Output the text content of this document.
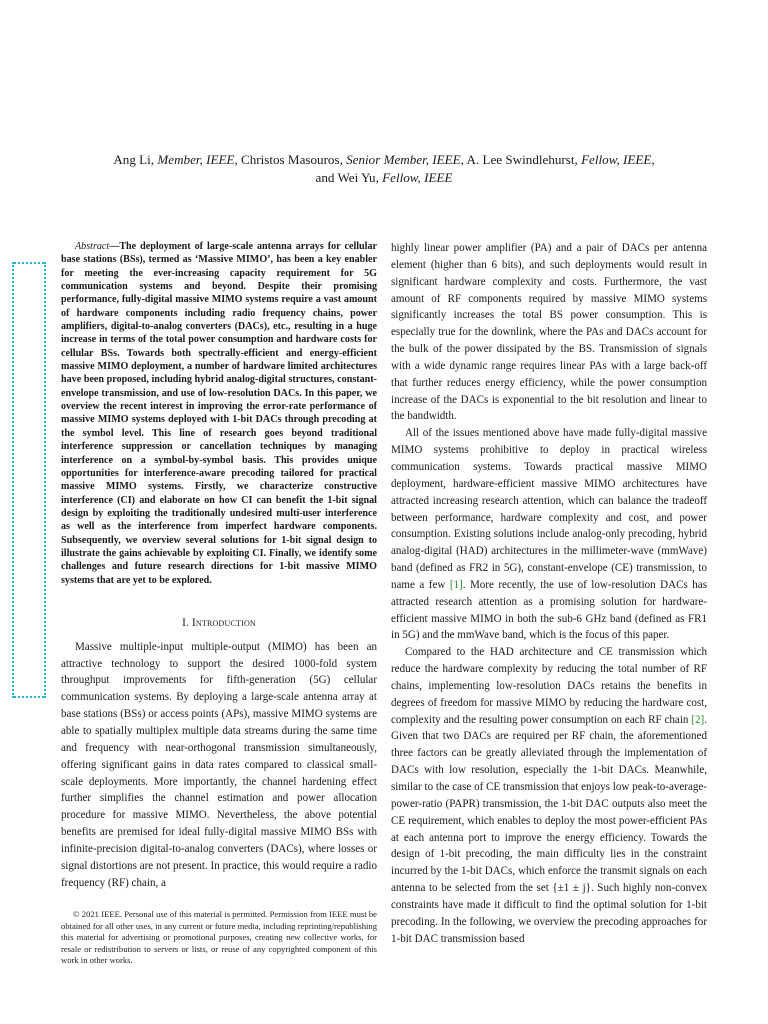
Ang Li, Member, IEEE, Christos Masouros, Senior Member, IEEE, A. Lee Swindlehurst, Fellow, IEEE,
and Wei Yu, Fellow, IEEE

Abstract—The deployment of large-scale antenna arrays for cellular base stations (BSs), termed as ‘Massive MIMO’, has been a key enabler for meeting the ever-increasing capacity requirement for 5G communication systems and beyond. Despite their promising performance, fully-digital massive MIMO systems require a vast amount of hardware components including radio frequency chains, power amplifiers, digital-to-analog converters (DACs), etc., resulting in a huge increase in terms of the total power consumption and hardware costs for cellular BSs. Towards both spectrally-efficient and energy-efficient massive MIMO deployment, a number of hardware limited architectures have been proposed, including hybrid analog-digital structures, constant-envelope transmission, and use of low-resolution DACs. In this paper, we overview the recent interest in improving the error-rate performance of massive MIMO systems deployed with 1-bit DACs through precoding at the symbol level. This line of research goes beyond traditional interference suppression or cancellation techniques by managing interference on a symbol-by-symbol basis. This provides unique opportunities for interference-aware precoding tailored for practical massive MIMO systems. Firstly, we characterize constructive interference (CI) and elaborate on how CI can benefit the 1-bit signal design by exploiting the traditionally undesired multi-user interference as well as the interference from imperfect hardware components. Subsequently, we overview several solutions for 1-bit signal design to illustrate the gains achievable by exploiting CI. Finally, we identify some challenges and future research directions for 1-bit massive MIMO systems that are yet to be explored.

I. Introduction

Massive multiple-input multiple-output (MIMO) has been an attractive technology to support the desired 1000-fold system throughput improvements for fifth-generation (5G) cellular communication systems. By deploying a large-scale antenna array at base stations (BSs) or access points (APs), massive MIMO systems are able to spatially multiplex multiple data streams during the same time and frequency with near-orthogonal transmission simultaneously, offering significant gains in data rates compared to classical small-scale deployments. More importantly, the channel hardening effect further simplifies the channel estimation and power allocation procedure for massive MIMO. Nevertheless, the above potential benefits are premised for ideal fully-digital massive MIMO BSs with infinite-precision digital-to-analog converters (DACs), where losses or signal distortions are not present. In practice, this would require a radio frequency (RF) chain, a

© 2021 IEEE. Personal use of this material is permitted. Permission from IEEE must be obtained for all other uses, in any current or future media, including reprinting/republishing this material for advertising or promotional purposes, creating new collective works, for resale or redistribution to servers or lists, or reuse of any copyrighted component of this work in other works.

highly linear power amplifier (PA) and a pair of DACs per antenna element (higher than 6 bits), and such deployments would result in significant hardware complexity and costs. Furthermore, the vast amount of RF components required by massive MIMO systems significantly increases the total BS power consumption. This is especially true for the downlink, where the PAs and DACs account for the bulk of the power dissipated by the BS. Transmission of signals with a wide dynamic range requires linear PAs with a large back-off that further reduces energy efficiency, while the power consumption increase of the DACs is exponential to the bit resolution and linear to the bandwidth.

All of the issues mentioned above have made fully-digital massive MIMO systems prohibitive to deploy in practical wireless communication systems. Towards practical massive MIMO deployment, hardware-efficient massive MIMO architectures have attracted increasing research attention, which can balance the tradeoff between performance, hardware complexity and cost, and power consumption. Existing solutions include analog-only precoding, hybrid analog-digital (HAD) architectures in the millimeter-wave (mmWave) band (defined as FR2 in 5G), constant-envelope (CE) transmission, to name a few [1]. More recently, the use of low-resolution DACs has attracted research attention as a promising solution for hardware-efficient massive MIMO in both the sub-6 GHz band (defined as FR1 in 5G) and the mmWave band, which is the focus of this paper.

Compared to the HAD architecture and CE transmission which reduce the hardware complexity by reducing the total number of RF chains, implementing low-resolution DACs retains the benefits in degrees of freedom for massive MIMO by reducing the hardware cost, complexity and the resulting power consumption on each RF chain [2]. Given that two DACs are required per RF chain, the aforementioned three factors can be greatly alleviated through the implementation of DACs with low resolution, especially the 1-bit DACs. Meanwhile, similar to the case of CE transmission that enjoys low peak-to-average-power-ratio (PAPR) transmission, the 1-bit DAC outputs also meet the CE requirement, which enables to deploy the most power-efficient PAs at each antenna port to improve the energy efficiency. Towards the design of 1-bit precoding, the main difficulty lies in the constraint incurred by the 1-bit DACs, which enforce the transmit signals on each antenna to be selected from the set {±1 ± j}. Such highly non-convex constraints have made it difficult to find the optimal solution for 1-bit precoding. In the following, we overview the precoding approaches for 1-bit DAC transmission based
